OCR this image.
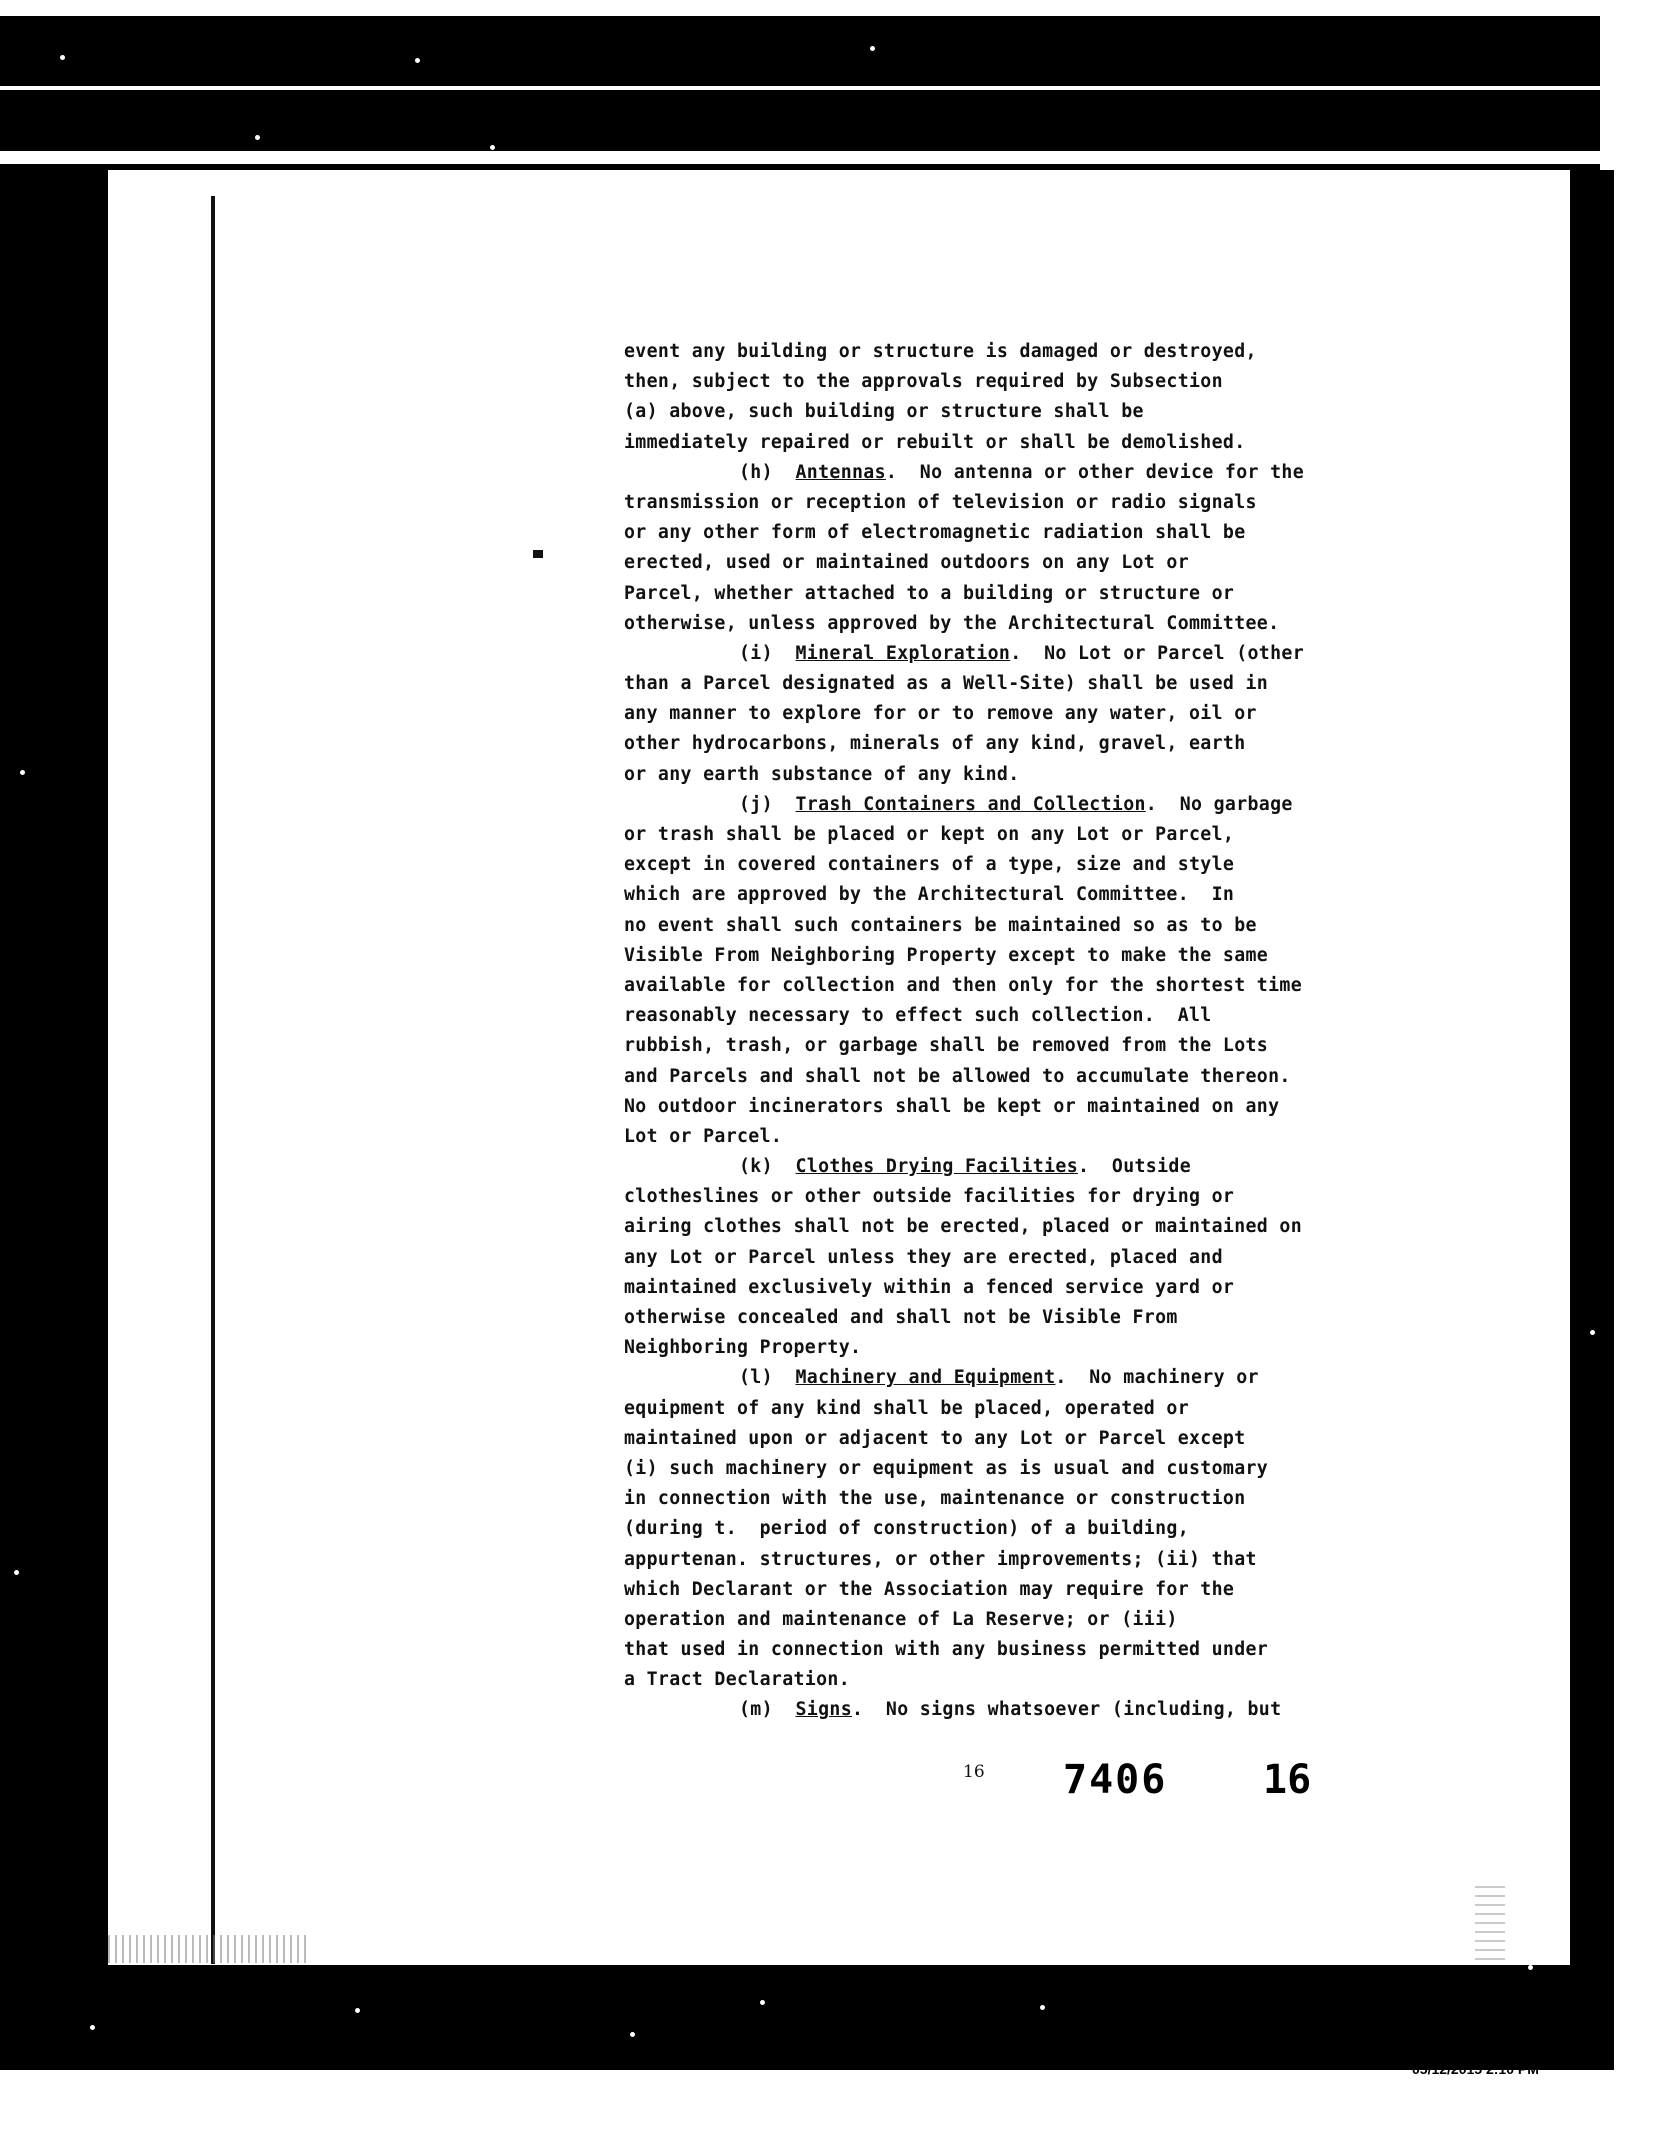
event any building or structure is damaged or destroyed,
then, subject to the approvals required by Subsection
(a) above, such building or structure shall be
immediately repaired or rebuilt or shall be demolished.
(h)  Antennas.  No antenna or other device for the
transmission or reception of television or radio signals
or any other form of electromagnetic radiation shall be
erected, used or maintained outdoors on any Lot or
Parcel, whether attached to a building or structure or
otherwise, unless approved by the Architectural Committee.
(i)  Mineral Exploration.  No Lot or Parcel (other
than a Parcel designated as a Well-Site) shall be used in
any manner to explore for or to remove any water, oil or
other hydrocarbons, minerals of any kind, gravel, earth
or any earth substance of any kind.
(j)  Trash Containers and Collection.  No garbage
or trash shall be placed or kept on any Lot or Parcel,
except in covered containers of a type, size and style
which are approved by the Architectural Committee.  In
no event shall such containers be maintained so as to be
Visible From Neighboring Property except to make the same
available for collection and then only for the shortest time
reasonably necessary to effect such collection.  All
rubbish, trash, or garbage shall be removed from the Lots
and Parcels and shall not be allowed to accumulate thereon.
No outdoor incinerators shall be kept or maintained on any
Lot or Parcel.
(k)  Clothes Drying Facilities.  Outside
clotheslines or other outside facilities for drying or
airing clothes shall not be erected, placed or maintained on
any Lot or Parcel unless they are erected, placed and
maintained exclusively within a fenced service yard or
otherwise concealed and shall not be Visible From
Neighboring Property.
(l)  Machinery and Equipment.  No machinery or
equipment of any kind shall be placed, operated or
maintained upon or adjacent to any Lot or Parcel except
(i) such machinery or equipment as is usual and customary
in connection with the use, maintenance or construction
(during t.  period of construction) of a building,
appurtenan. structures, or other improvements; (ii) that
which Declarant or the Association may require for the
operation and maintenance of La Reserve; or (iii)
that used in connection with any business permitted under
a Tract Declaration.
(m)  Signs.  No signs whatsoever (including, but
16 7406 16
05/12/2015 2:10 PM
